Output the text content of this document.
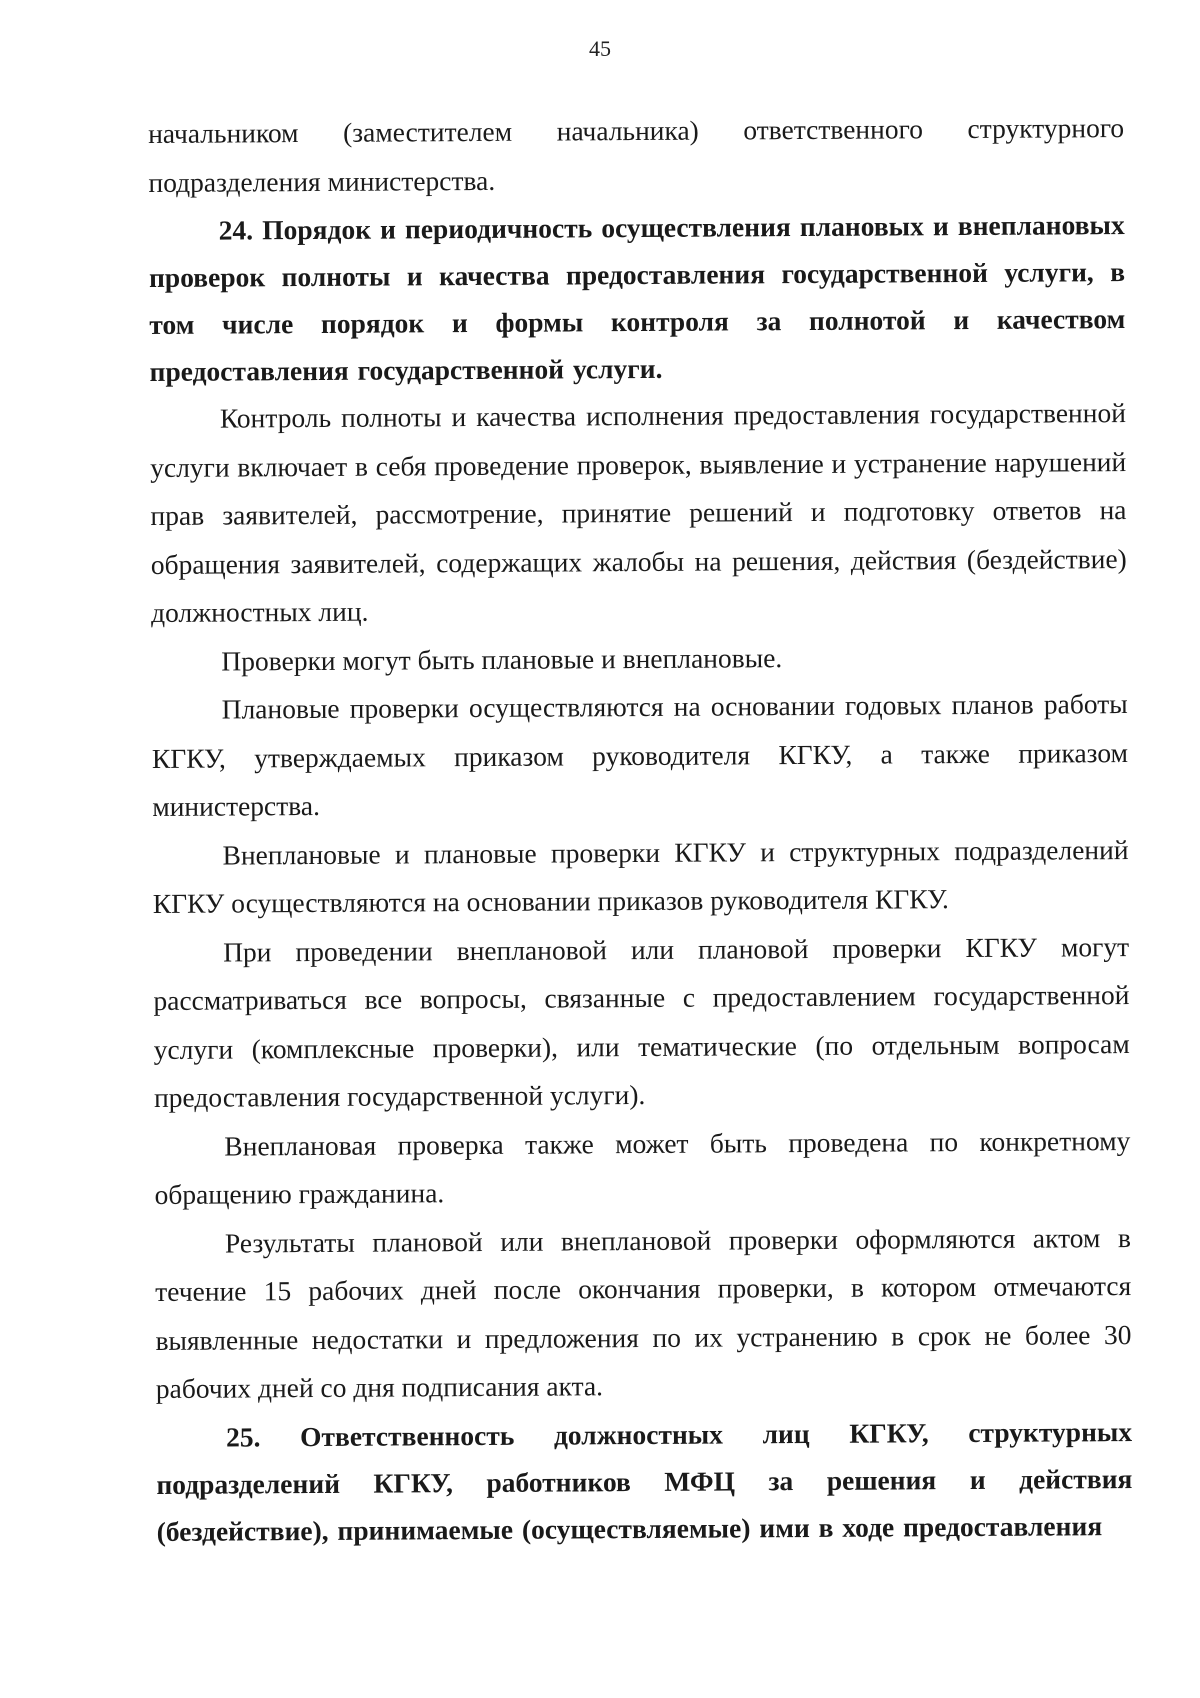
45

начальником (заместителем начальника) ответственного структурного подразделения министерства.

24. Порядок и периодичность осуществления плановых и внеплановых проверок полноты и качества предоставления государственной услуги, в том числе порядок и формы контроля за полнотой и качеством предоставления государственной услуги.

Контроль полноты и качества исполнения предоставления государственной услуги включает в себя проведение проверок, выявление и устранение нарушений прав заявителей, рассмотрение, принятие решений и подготовку ответов на обращения заявителей, содержащих жалобы на решения, действия (бездействие) должностных лиц.

Проверки могут быть плановые и внеплановые.

Плановые проверки осуществляются на основании годовых планов работы КГКУ, утверждаемых приказом руководителя КГКУ, а также приказом министерства.

Внеплановые и плановые проверки КГКУ и структурных подразделений КГКУ осуществляются на основании приказов руководителя КГКУ.

При проведении внеплановой или плановой проверки КГКУ могут рассматриваться все вопросы, связанные с предоставлением государственной услуги (комплексные проверки), или тематические (по отдельным вопросам предоставления государственной услуги).

Внеплановая проверка также может быть проведена по конкретному обращению гражданина.

Результаты плановой или внеплановой проверки оформляются актом в течение 15 рабочих дней после окончания проверки, в котором отмечаются выявленные недостатки и предложения по их устранению в срок не более 30 рабочих дней со дня подписания акта.

25. Ответственность должностных лиц КГКУ, структурных подразделений КГКУ, работников МФЦ за решения и действия (бездействие), принимаемые (осуществляемые) ими в ходе предоставления
